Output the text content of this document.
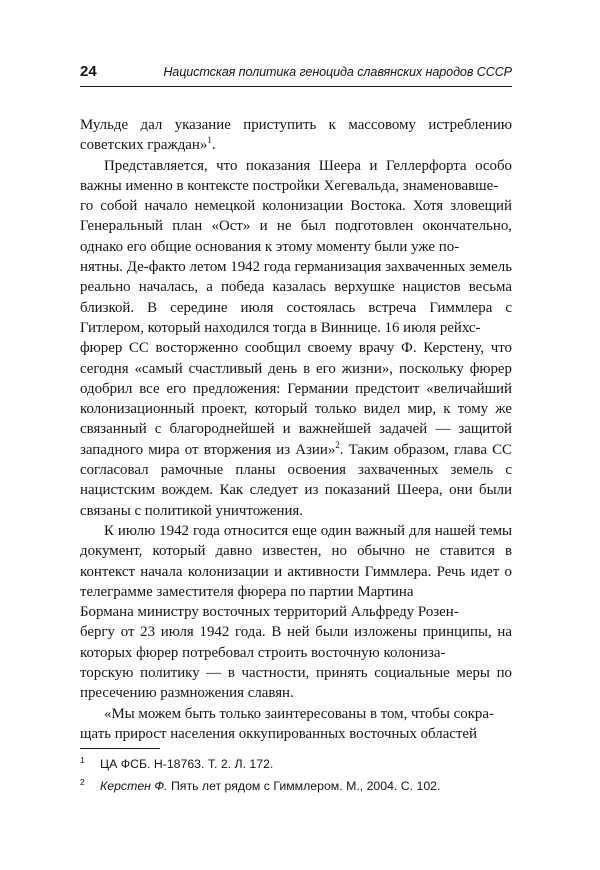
24	Нацистская политика геноцида славянских народов СССР

Мульде дал указание приступить к массовому истреблению советских граждан»$^1$.

Представляется, что показания Шеера и Геллерфорта особо важны именно в контексте постройки Хегевальда, знаменовавше-
го собой начало немецкой колонизации Востока. Хотя зловещий Генеральный план «Ост» и не был подготовлен окончательно, однако его общие основания к этому моменту были уже по-
нятны. Де-факто летом 1942 года германизация захваченных земель реально началась, а победа казалась верхушке нацистов весьма близкой. В середине июля состоялась встреча Гиммлера с Гитлером, который находился тогда в Виннице. 16 июля рейхс-
фюрер СС восторженно сообщил своему врачу Ф. Керстену, что сегодня «самый счастливый день в его жизни», поскольку фюрер одобрил все его предложения: Германии предстоит «величайший колонизационный проект, который только видел мир, к тому же связанный с благороднейшей и важнейшей задачей — защитой западного мира от вторжения из Азии»$^2$. Таким образом, глава СС согласовал рамочные планы освоения захваченных земель с нацистским вождем. Как следует из показаний Шеера, они были связаны с политикой уничтожения.

К июлю 1942 года относится еще один важный для нашей темы документ, который давно известен, но обычно не ставится в контекст начала колонизации и активности Гиммлера. Речь идет о телеграмме заместителя фюрера по партии Мартина
Бормана министру восточных территорий Альфреду Розен-
бергу от 23 июля 1942 года. В ней были изложены принципы, на которых фюрер потребовал строить восточную колониза-
торскую политику — в частности, принять социальные меры по пресечению размножения славян.

«Мы можем быть только заинтересованы в том, чтобы сокра-
щать прирост населения оккупированных восточных областей

1	ЦА ФСБ. Н-18763. Т. 2. Л. 172.
2	Керстен Ф. Пять лет рядом с Гиммлером. М., 2004. С. 102.
